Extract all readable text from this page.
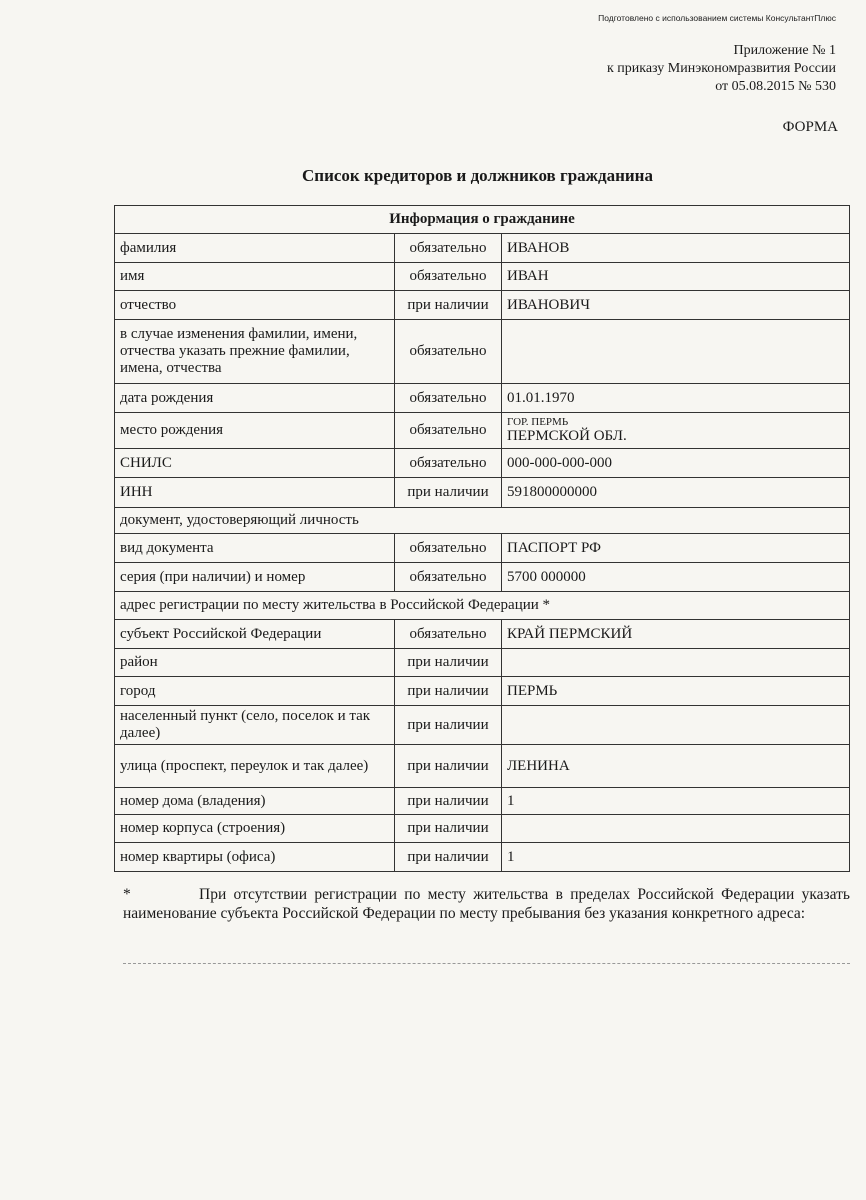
Подготовлено с использованием системы КонсультантПлюс
Приложение № 1
к приказу Минэкономразвития России
от 05.08.2015 № 530
ФОРМА
Список кредиторов и должников гражданина
Информация о гражданине		
фамилия	обязательно	ИВАНОВ
имя	обязательно	ИВАН
отчество	при наличии	ИВАНОВИЧ
в случае изменения фамилии, имени, отчества указать прежние фамилии, имена, отчества	обязательно	
дата рождения	обязательно	01.01.1970
место рождения	обязательно	ГОР. ПЕРМЬ
ПЕРМСКОЙ ОБЛ.
СНИЛС	обязательно	000-000-000-000
ИНН	при наличии	591800000000
документ, удостоверяющий личность		
вид документа	обязательно	ПАСПОРТ РФ
серия (при наличии) и номер	обязательно	5700 000000
адрес регистрации по месту жительства в Российской Федерации *		
субъект Российской Федерации	обязательно	КРАЙ ПЕРМСКИЙ
район	при наличии	
город	при наличии	ПЕРМЬ
населенный пункт (село, поселок и так далее)	при наличии	
улица (проспект, переулок и так далее)	при наличии	ЛЕНИНА
номер дома (владения)	при наличии	1
номер корпуса (строения)	при наличии	
номер квартиры (офиса)	при наличии	1
*	При отсутствии регистрации по месту жительства в пределах Российской Федерации указать наименование субъекта Российской Федерации по месту пребывания без указания конкретного адреса:
